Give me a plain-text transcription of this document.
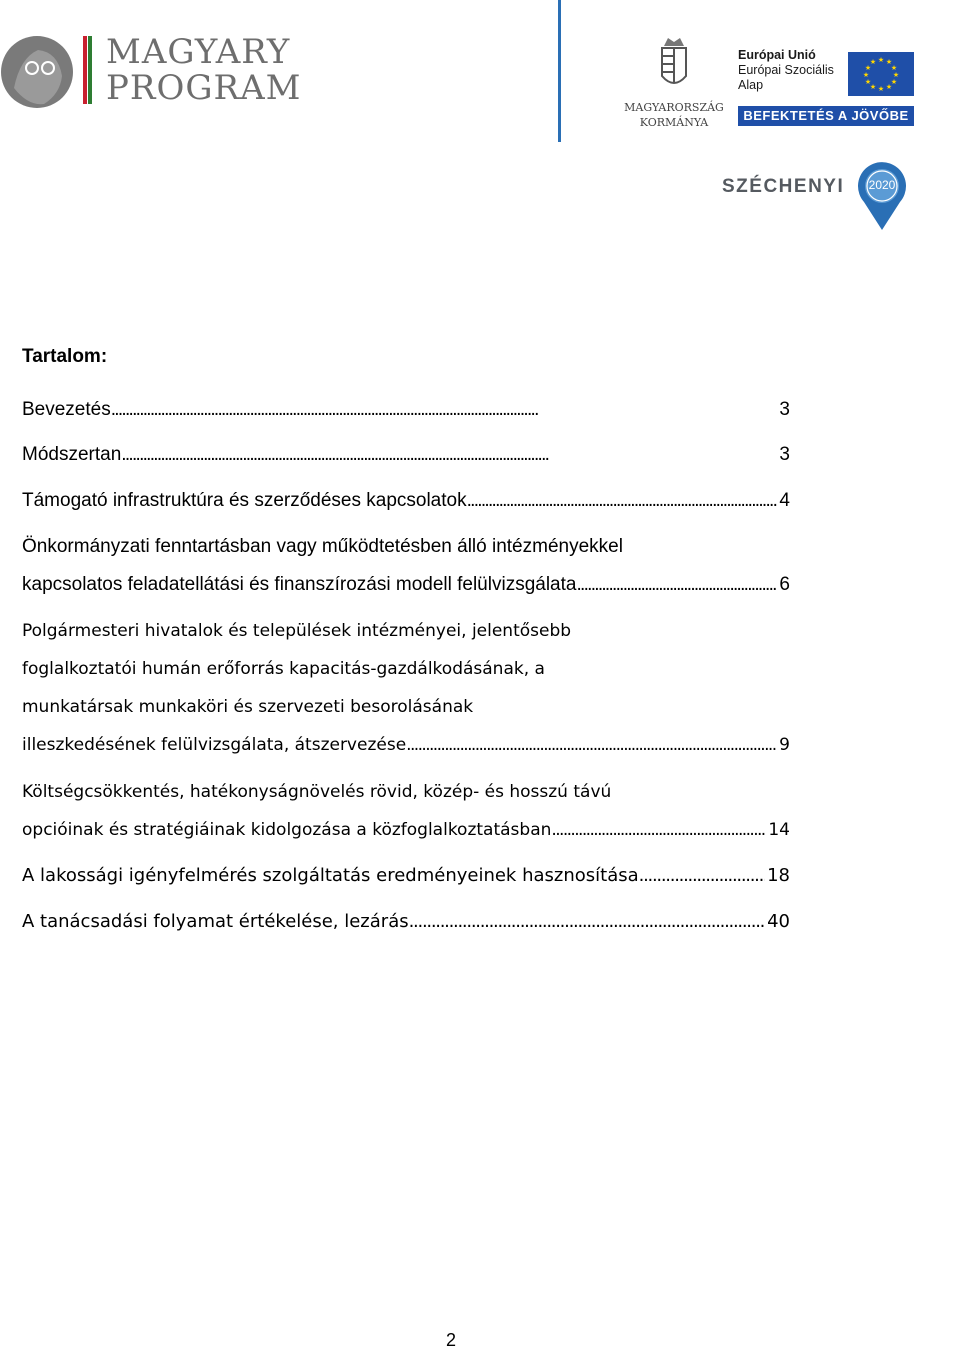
MAGYARY
PROGRAM	MAGYARORSZÁG
KORMÁNYA
Európai Unió
Európai Szociális
Alap
★ ★
★
★
★
★
★
★
★
★
★
★
BEFEKTETÉS A JÖVŐBE
SZÉCHENYI	2020
Tartalom:
Bevezetés . . .	3
Módszertan . . .	3
Támogató infrastruktúra és szerződéses kapcsolatok . . .	4
Önkormányzati fenntartásban vagy működtetésben álló intézményekkel
kapcsolatos feladatellátási és finanszírozási modell felülvizsgálata . . .	6
Polgármesteri hivatalok és települések intézményei, jelentősebb
foglalkoztatói humán erőforrás kapacitás-gazdálkodásának, a
munkatársak munkaköri és szervezeti besorolásának
illeszkedésének felülvizsgálata, átszervezése . . .	9
Költségcsökkentés, hatékonyságnövelés rövid, közép- és hosszú távú
opcióinak és stratégiáinak kidolgozása a közfoglalkoztatásban . . .	14
A lakossági igényfelmérés szolgáltatás eredményeinek hasznosítása . . .	18
A tanácsadási folyamat értékelése, lezárás . . .	40
2
